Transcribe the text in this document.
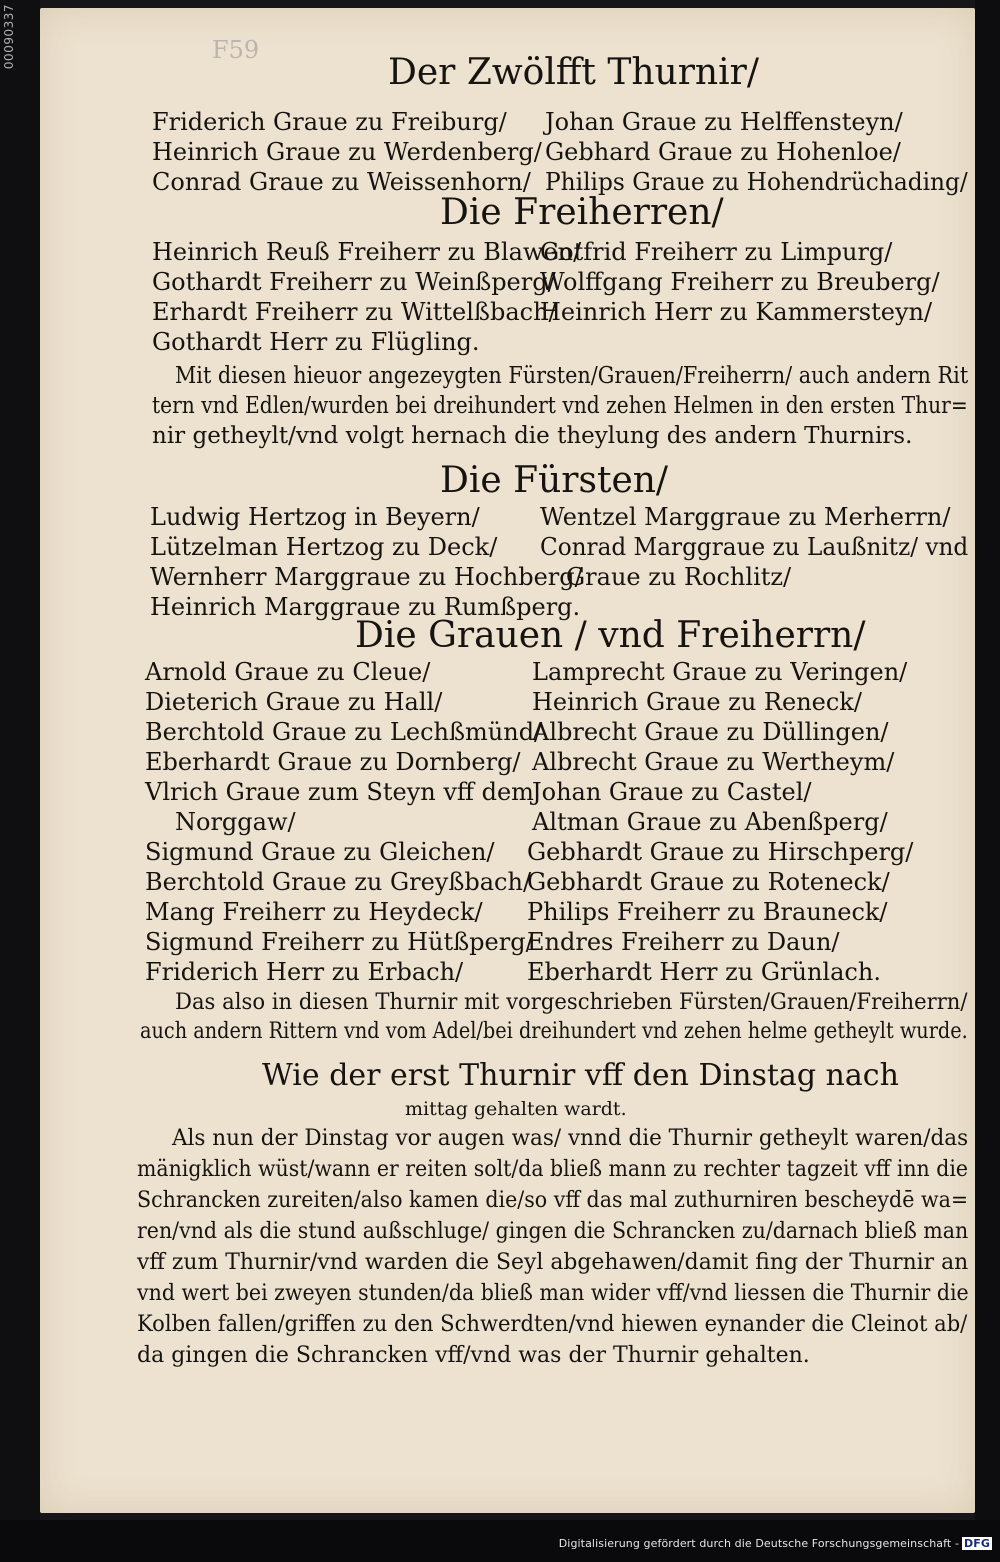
00090337	F59
Der Zwölfft Thurnir/
Friderich Graue zu Freiburg/
Heinrich Graue zu Werdenberg/
Conrad Graue zu Weissenhorn/
Johan Graue zu Helffensteyn/
Gebhard Graue zu Hohenloe/
Philips Graue zu Hohendrüchading/
Die Freiherren/
Heinrich Reuß Freiherr zu Blawen/
Gothardt Freiherr zu Weinßperg/
Erhardt Freiherr zu Wittelßbach/
Gothardt Herr zu Flügling.
Gotfrid Freiherr zu Limpurg/
Wolffgang Freiherr zu Breuberg/
Heinrich Herr zu Kammersteyn/
Mit diesen hieuor angezeygten Fürsten/Grauen/Freiherrn/ auch andern Rit
tern vnd Edlen/wurden bei dreihundert vnd zehen Helmen in den ersten Thur=
nir getheylt/vnd volgt hernach die theylung des andern Thurnirs.
Die Fürsten/
Ludwig Hertzog in Beyern/
Lützelman Hertzog zu Deck/
Wernherr Marggraue zu Hochberg/
Heinrich Marggraue zu Rumßperg.
Wentzel Marggraue zu Merherrn/
Conrad Marggraue zu Laußnitz/ vnd
Graue zu Rochlitz/
Die Grauen / vnd Freiherrn/
Arnold Graue zu Cleue/
Dieterich Graue zu Hall/
Berchtold Graue zu Lechßmünd/
Eberhardt Graue zu Dornberg/
Vlrich Graue zum Steyn vff dem
Norggaw/
Sigmund Graue zu Gleichen/
Berchtold Graue zu Greyßbach/
Mang Freiherr zu Heydeck/
Sigmund Freiherr zu Hütßperg/
Friderich Herr zu Erbach/
Lamprecht Graue zu Veringen/
Heinrich Graue zu Reneck/
Albrecht Graue zu Düllingen/
Albrecht Graue zu Wertheym/
Johan Graue zu Castel/
Altman Graue zu Abenßperg/
Gebhardt Graue zu Hirschperg/
Gebhardt Graue zu Roteneck/
Philips Freiherr zu Brauneck/
Endres Freiherr zu Daun/
Eberhardt Herr zu Grünlach.
Das also in diesen Thurnir mit vorgeschrieben Fürsten/Grauen/Freiherrn/
auch andern Rittern vnd vom Adel/bei dreihundert vnd zehen helme getheylt wurde.
Wie der erst Thurnir vff den Dinstag nach
mittag gehalten wardt.
Als nun der Dinstag vor augen was/ vnnd die Thurnir getheylt waren/das
mänigklich wüst/wann er reiten solt/da bließ mann zu rechter tagzeit vff inn die
Schrancken zureiten/also kamen die/so vff das mal zuthurniren bescheydē wa=
ren/vnd als die stund außschluge/ gingen die Schrancken zu/darnach bließ man
vff zum Thurnir/vnd warden die Seyl abgehawen/damit fing der Thurnir an
vnd wert bei zweyen stunden/da bließ man wider vff/vnd liessen die Thurnir die
Kolben fallen/griffen zu den Schwerdten/vnd hiewen eynander die Cleinot ab/
da gingen die Schrancken vff/vnd was der Thurnir gehalten.
Digitalisierung gefördert durch die Deutsche Forschungsgemeinschaft - DFG
